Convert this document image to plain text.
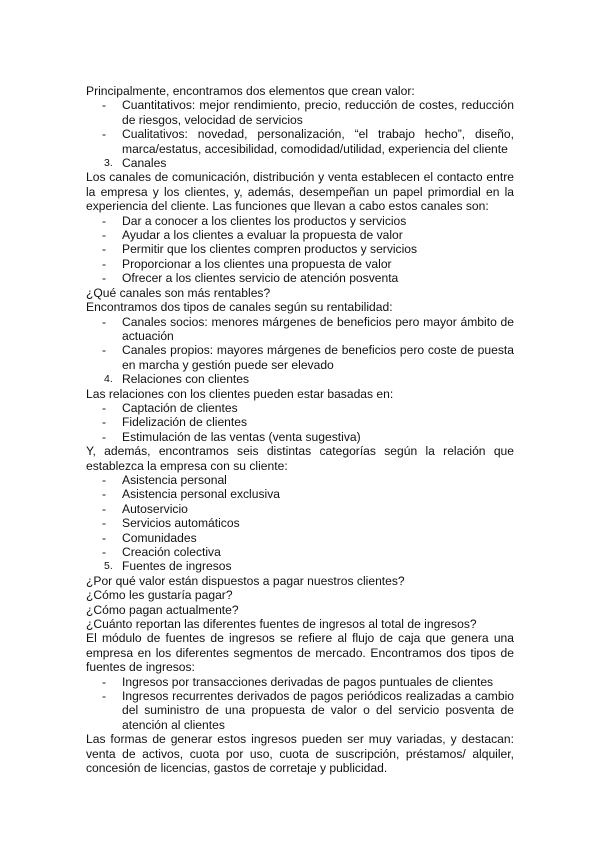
Principalmente, encontramos dos elementos que crean valor:

-	Cuantitativos: mejor rendimiento, precio, reducción de costes, reducción de riesgos, velocidad de servicios
-	Cualitativos: novedad, personalización, “el trabajo hecho”, diseño, marca/estatus, accesibilidad, comodidad/utilidad, experiencia del cliente
3. Canales

Los canales de comunicación, distribución y venta establecen el contacto entre la empresa y los clientes, y, además, desempeñan un papel primordial en la experiencia del cliente. Las funciones que llevan a cabo estos canales son:

-	Dar a conocer a los clientes los productos y servicios
-	Ayudar a los clientes a evaluar la propuesta de valor
-	Permitir que los clientes compren productos y servicios
-	Proporcionar a los clientes una propuesta de valor
-	Ofrecer a los clientes servicio de atención posventa

¿Qué canales son más rentables?

Encontramos dos tipos de canales según su rentabilidad:

-	Canales socios: menores márgenes de beneficios pero mayor ámbito de actuación
-	Canales propios: mayores márgenes de beneficios pero coste de puesta en marcha y gestión puede ser elevado
4. Relaciones con clientes

Las relaciones con los clientes pueden estar basadas en:

-	Captación de clientes
-	Fidelización de clientes
-	Estimulación de las ventas (venta sugestiva)

Y, además, encontramos seis distintas categorías según la relación que establezca la empresa con su cliente:

-	Asistencia personal
-	Asistencia personal exclusiva
-	Autoservicio
-	Servicios automáticos
-	Comunidades
-	Creación colectiva
5. Fuentes de ingresos

¿Por qué valor están dispuestos a pagar nuestros clientes?

¿Cómo les gustaría pagar?

¿Cómo pagan actualmente?

¿Cuánto reportan las diferentes fuentes de ingresos al total de ingresos?

El módulo de fuentes de ingresos se refiere al flujo de caja que genera una empresa en los diferentes segmentos de mercado. Encontramos dos tipos de fuentes de ingresos:

-	Ingresos por transacciones derivadas de pagos puntuales de clientes
-	Ingresos recurrentes derivados de pagos periódicos realizadas a cambio del suministro de una propuesta de valor o del servicio posventa de atención al clientes

Las formas de generar estos ingresos pueden ser muy variadas, y destacan: venta de activos, cuota por uso, cuota de suscripción, préstamos/ alquiler, concesión de licencias, gastos de corretaje y publicidad.
